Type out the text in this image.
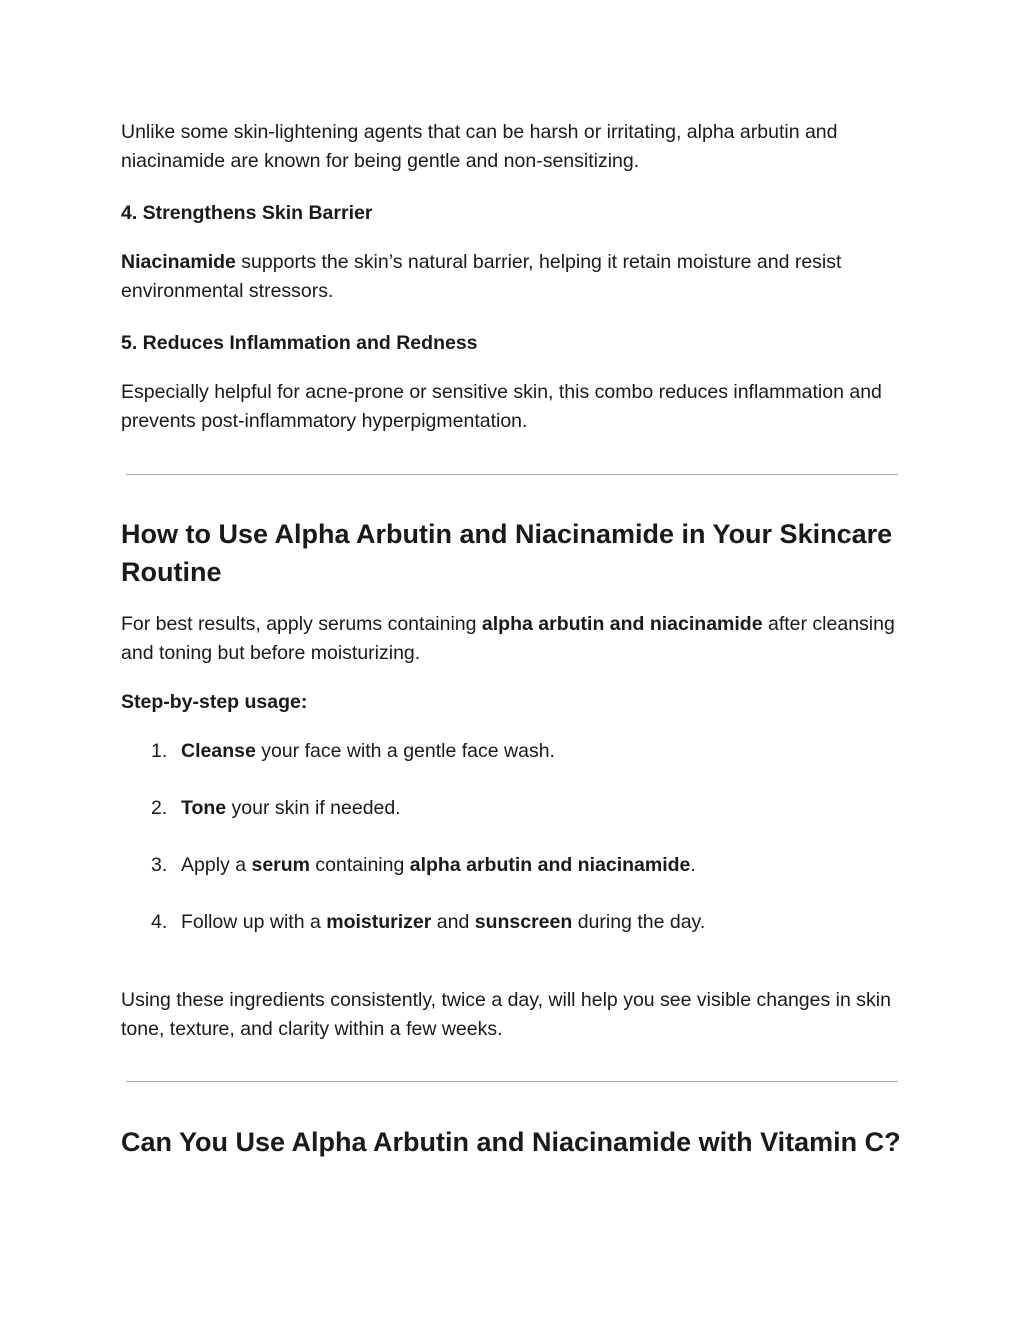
Unlike some skin-lightening agents that can be harsh or irritating, alpha arbutin and niacinamide are known for being gentle and non-sensitizing.

4. Strengthens Skin Barrier

Niacinamide supports the skin’s natural barrier, helping it retain moisture and resist environmental stressors.

5. Reduces Inflammation and Redness

Especially helpful for acne-prone or sensitive skin, this combo reduces inflammation and prevents post-inflammatory hyperpigmentation.

How to Use Alpha Arbutin and Niacinamide in Your Skincare Routine

For best results, apply serums containing alpha arbutin and niacinamide after cleansing and toning but before moisturizing.

Step-by-step usage:
1. Cleanse your face with a gentle face wash.
2. Tone your skin if needed.
3. Apply a serum containing alpha arbutin and niacinamide.
4. Follow up with a moisturizer and sunscreen during the day.

Using these ingredients consistently, twice a day, will help you see visible changes in skin tone, texture, and clarity within a few weeks.

Can You Use Alpha Arbutin and Niacinamide with Vitamin C?
